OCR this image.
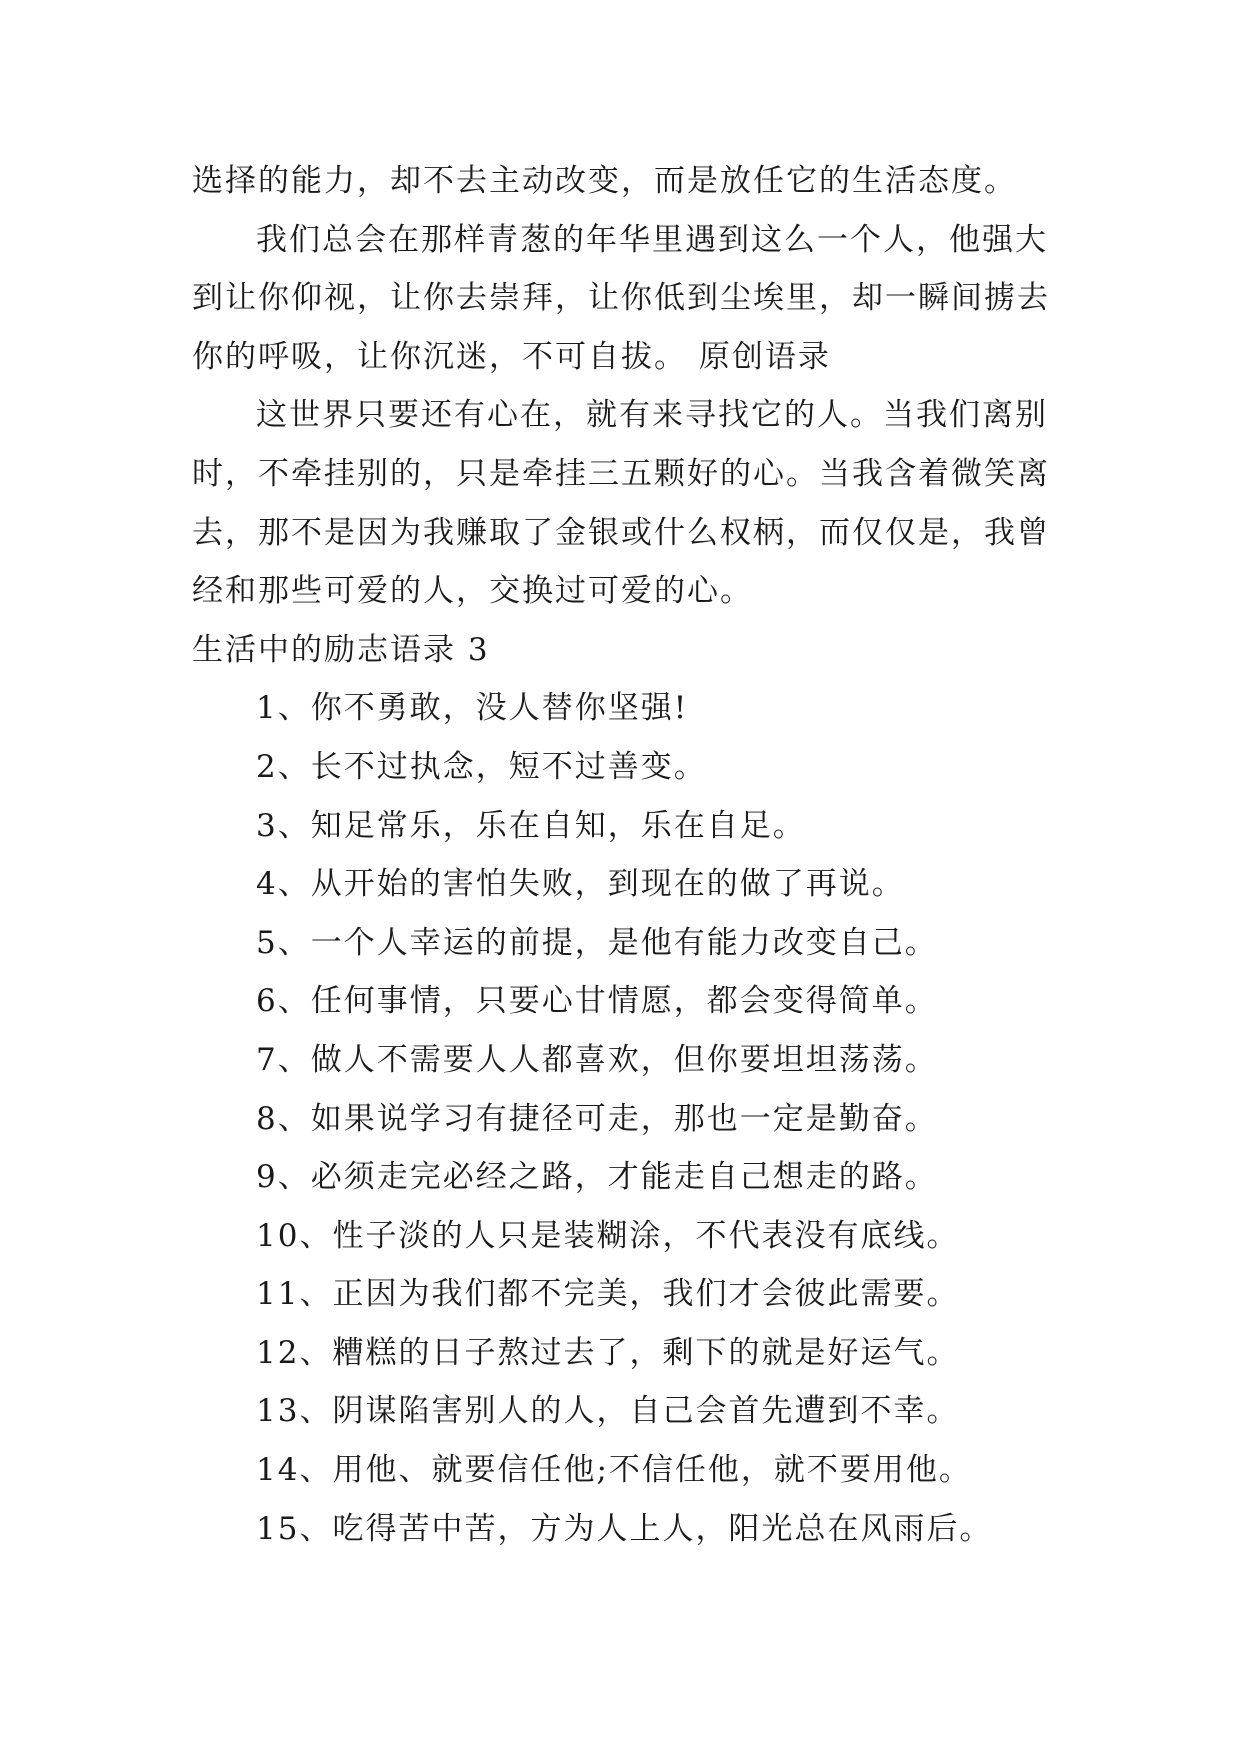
选择的能力，却不去主动改变，而是放任它的生活态度。
我们总会在那样青葱的年华里遇到这么一个人，他强大
到让你仰视，让你去崇拜，让你低到尘埃里，却一瞬间掳去
你的呼吸，让你沉迷，不可自拔。 原创语录
这世界只要还有心在，就有来寻找它的人。当我们离别
时，不牵挂别的，只是牵挂三五颗好的心。当我含着微笑离
去，那不是因为我赚取了金银或什么权柄，而仅仅是，我曾
经和那些可爱的人，交换过可爱的心。
生活中的励志语录 3
1、你不勇敢，没人替你坚强!
2、长不过执念，短不过善变。
3、知足常乐，乐在自知，乐在自足。
4、从开始的害怕失败，到现在的做了再说。
5、一个人幸运的前提，是他有能力改变自己。
6、任何事情，只要心甘情愿，都会变得简单。
7、做人不需要人人都喜欢，但你要坦坦荡荡。
8、如果说学习有捷径可走，那也一定是勤奋。
9、必须走完必经之路，才能走自己想走的路。
10、性子淡的人只是装糊涂，不代表没有底线。
11、正因为我们都不完美，我们才会彼此需要。
12、糟糕的日子熬过去了，剩下的就是好运气。
13、阴谋陷害别人的人，自己会首先遭到不幸。
14、用他、就要信任他;不信任他，就不要用他。
15、吃得苦中苦，方为人上人，阳光总在风雨后。
